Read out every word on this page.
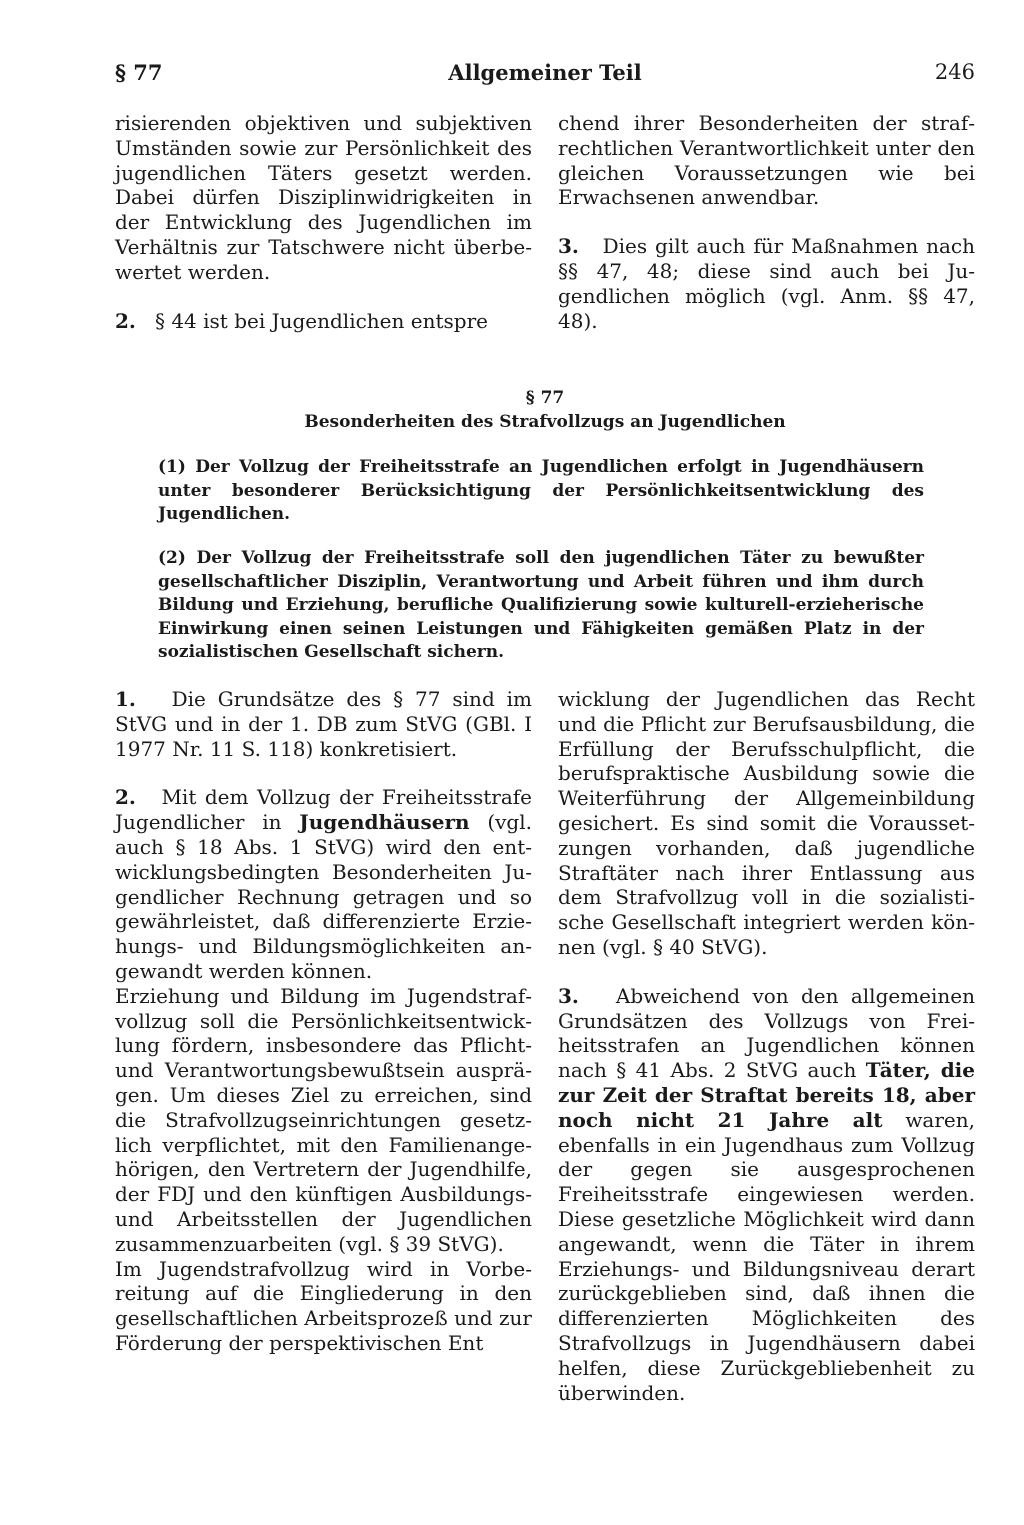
§ 77	Allgemeiner Teil	246

risierenden objektiven und subjektiven Umständen sowie zur Persönlichkeit des jugendlichen Täters gesetzt werden. Dabei dürfen Disziplinwidrigkeiten in der Entwicklung des Jugendlichen im Verhältnis zur Tatschwere nicht überbewertet werden.

2. § 44 ist bei Jugendlichen entspre

chend ihrer Besonderheiten der strafrechtlichen Verantwortlichkeit unter den gleichen Voraussetzungen wie bei Erwachsenen anwendbar.

3. Dies gilt auch für Maßnahmen nach §§ 47, 48; diese sind auch bei Jugendlichen möglich (vgl. Anm. §§ 47, 48).

§ 77
Besonderheiten des Strafvollzugs an Jugendlichen

(1) Der Vollzug der Freiheitsstrafe an Jugendlichen erfolgt in Jugendhäusern unter besonderer Berücksichtigung der Persönlichkeitsentwicklung des Jugendlichen.

(2) Der Vollzug der Freiheitsstrafe soll den jugendlichen Täter zu bewußter gesellschaftlicher Disziplin, Verantwortung und Arbeit führen und ihm durch Bildung und Erziehung, berufliche Qualifizierung sowie kulturell-erzieherische Einwirkung einen seinen Leistungen und Fähigkeiten gemäßen Platz in der sozialistischen Gesellschaft sichern.

1. Die Grundsätze des § 77 sind im StVG und in der 1. DB zum StVG (GBl. I 1977 Nr. 11 S. 118) konkretisiert.

2. Mit dem Vollzug der Freiheitsstrafe Jugendlicher in Jugendhäusern (vgl. auch § 18 Abs. 1 StVG) wird den entwicklungsbedingten Besonderheiten Jugendlicher Rechnung getragen und so gewährleistet, daß differenzierte Erziehungs- und Bildungsmöglichkeiten angewandt werden können.

Erziehung und Bildung im Jugendstrafvollzug soll die Persönlichkeitsentwicklung fördern, insbesondere das Pflicht- und Verantwortungsbewußtsein ausprägen. Um dieses Ziel zu erreichen, sind die Strafvollzugseinrichtungen gesetzlich verpflichtet, mit den Familienangehörigen, den Vertretern der Jugendhilfe, der FDJ und den künftigen Ausbildungs- und Arbeitsstellen der Jugendlichen zusammenzuarbeiten (vgl. § 39 StVG).

Im Jugendstrafvollzug wird in Vorbereitung auf die Eingliederung in den gesellschaftlichen Arbeitsprozeß und zur Förderung der perspektivischen Ent

wicklung der Jugendlichen das Recht und die Pflicht zur Berufsausbildung, die Erfüllung der Berufsschulpflicht, die berufspraktische Ausbildung sowie die Weiterführung der Allgemeinbildung gesichert. Es sind somit die Voraussetzungen vorhanden, daß jugendliche Straftäter nach ihrer Entlassung aus dem Strafvollzug voll in die sozialistische Gesellschaft integriert werden können (vgl. § 40 StVG).

3. Abweichend von den allgemeinen Grundsätzen des Vollzugs von Freiheitsstrafen an Jugendlichen können nach § 41 Abs. 2 StVG auch Täter, die zur Zeit der Straftat bereits 18, aber noch nicht 21 Jahre alt waren, ebenfalls in ein Jugendhaus zum Vollzug der gegen sie ausgesprochenen Freiheitsstrafe eingewiesen werden. Diese gesetzliche Möglichkeit wird dann angewandt, wenn die Täter in ihrem Erziehungs- und Bildungsniveau derart zurückgeblieben sind, daß ihnen die differenzierten Möglichkeiten des Strafvollzugs in Jugendhäusern dabei helfen, diese Zurückgebliebenheit zu überwinden.
